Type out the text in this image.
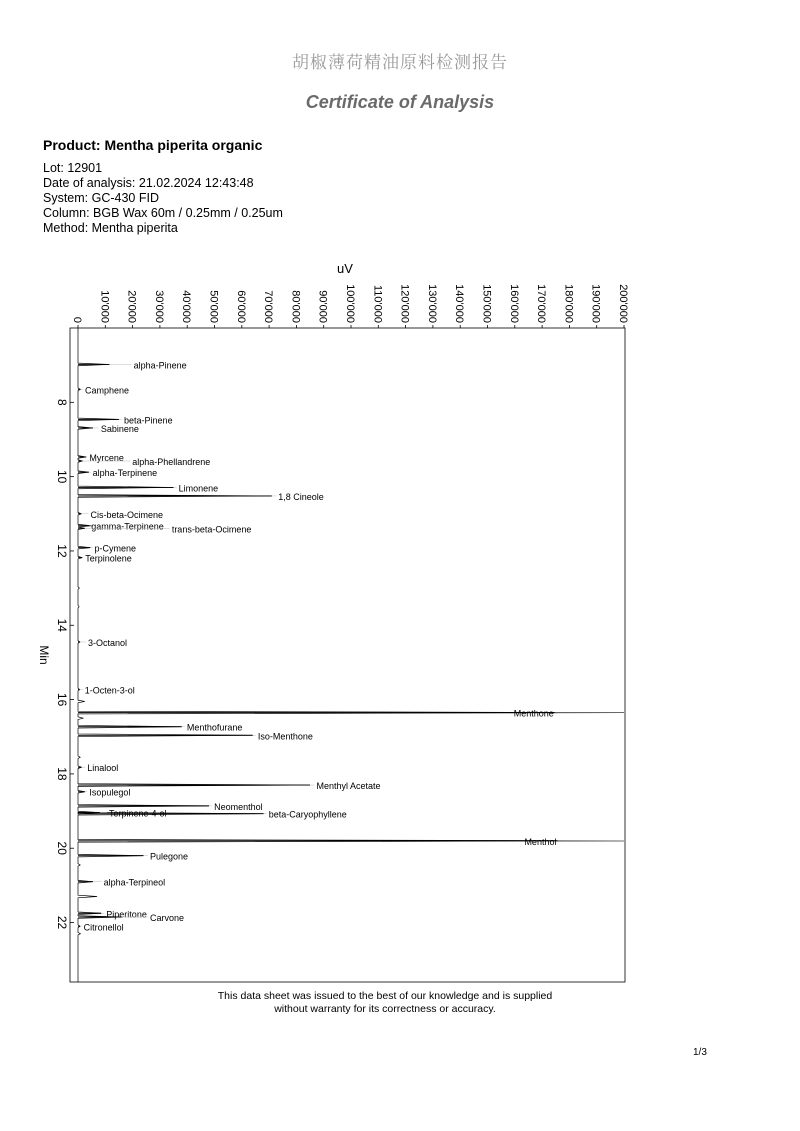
胡椒薄荷精油原料检测报告
Certificate of Analysis
Product: Mentha piperita organic
Lot: 12901
Date of analysis: 21.02.2024 12:43:48
System: GC-430 FID
Column: BGB Wax 60m / 0.25mm / 0.25um
Method: Mentha piperita
uV
Min
0 10'000 20'000 30'000 40'000 50'000 60'000 70'000 80'000 90'000 100'000 110'000 120'000 130'000 140'000 150'000 160'000 170'000 180'000 190'000 200'000
8
10
12
14
16
18
20
22
alpha-Pinene
Camphene
beta-Pinene
Sabinene
Myrcene alpha-Phellandrene
alpha-Terpinene
Limonene
1,8 Cineole
Cis-beta-Ocimene
gamma-Terpinene trans-beta-Ocimene
p-Cymene
Terpinolene
3-Octanol
1-Octen-3-ol
Menthone
Menthofurane
Iso-Menthone
Linalool
Menthyl Acetate
Isopulegol
Neomenthol
Terpinene-4-ol	beta-Caryophyllene
Menthol
Pulegone
alpha-Terpineol
Piperitone Carvone
Citronellol
This data sheet was issued to the best of our knowledge and is supplied
without warranty for its correctness or accuracy.
1/3
